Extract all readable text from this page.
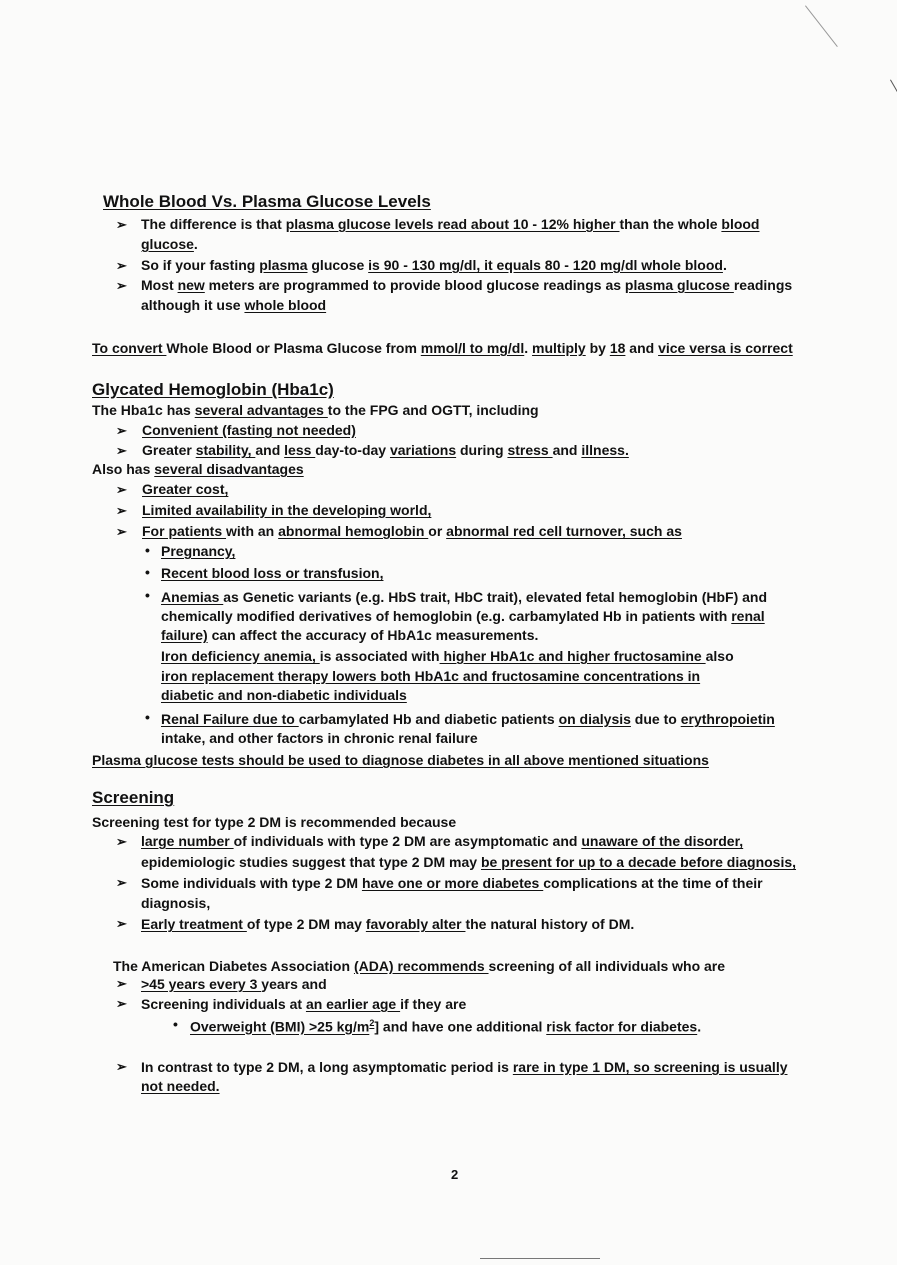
Whole Blood Vs. Plasma Glucose Levels
➢ The difference is that plasma glucose levels read about 10 - 12% higher than the whole blood
glucose.
➢ So if your fasting plasma glucose is 90 - 130 mg/dl, it equals 80 - 120 mg/dl whole blood.
➢ Most new meters are programmed to provide blood glucose readings as plasma glucose readings
although it use whole blood
To convert Whole Blood or Plasma Glucose from mmol/l to mg/dl. multiply by 18 and vice versa is correct
Glycated Hemoglobin (Hba1c)
The Hba1c has several advantages to the FPG and OGTT, including
➢ Convenient (fasting not needed)
➢ Greater stability, and less day-to-day variations during stress and illness.
Also has several disadvantages
➢ Greater cost,
➢ Limited availability in the developing world,
➢ For patients with an abnormal hemoglobin or abnormal red cell turnover, such as
• Pregnancy,
• Recent blood loss or transfusion,
• Anemias as Genetic variants (e.g. HbS trait, HbC trait), elevated fetal hemoglobin (HbF) and
chemically modified derivatives of hemoglobin (e.g. carbamylated Hb in patients with renal
failure) can affect the accuracy of HbA1c measurements.
Iron deficiency anemia, is associated with higher HbA1c and higher fructosamine also
iron replacement therapy lowers both HbA1c and fructosamine concentrations in
diabetic and non-diabetic individuals
• Renal Failure due to carbamylated Hb and diabetic patients on dialysis due to erythropoietin
intake, and other factors in chronic renal failure
Plasma glucose tests should be used to diagnose diabetes in all above mentioned situations
Screening
Screening test for type 2 DM is recommended because
➢ large number of individuals with type 2 DM are asymptomatic and unaware of the disorder,
epidemiologic studies suggest that type 2 DM may be present for up to a decade before diagnosis,
➢ Some individuals with type 2 DM have one or more diabetes complications at the time of their
diagnosis,
➢ Early treatment of type 2 DM may favorably alter the natural history of DM.
The American Diabetes Association (ADA) recommends screening of all individuals who are
➢ >45 years every 3 years and
➢ Screening individuals at an earlier age if they are
• Overweight (BMI) >25 $kg/m^2$] and have one additional risk factor for diabetes.
➢ In contrast to type 2 DM, a long asymptomatic period is rare in type 1 DM, so screening is usually
not needed.
2
